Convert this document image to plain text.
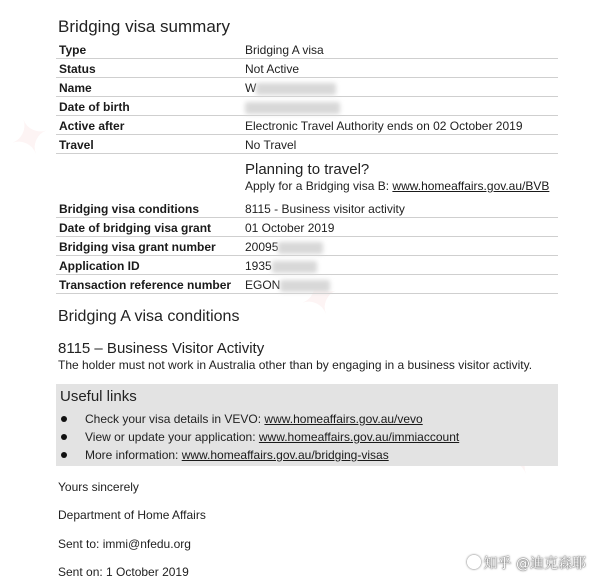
✦
✦
Bridging visa summary
Type	Bridging A visa
Status	Not Active
Name	W
Date of birth	
Active after	Electronic Travel Authority ends on 02 October 2019
Travel	No Travel
Planning to travel?
Apply for a Bridging visa B: www.homeaffairs.gov.au/BVB
Bridging visa conditions	8115 - Business visitor activity
Date of bridging visa grant	01 October 2019
Bridging visa grant number	20095
Application ID	1935
Transaction reference number	EGON
Bridging A visa conditions
8115 – Business Visitor Activity

The holder must not work in Australia other than by engaging in a business visitor activity.

Useful links
Check your visa details in VEVO: www.homeaffairs.gov.au/vevo
View or update your application: www.homeaffairs.gov.au/immiaccount
More information: www.homeaffairs.gov.au/bridging-visas

Yours sincerely

Department of Home Affairs

Sent to: immi@nfedu.org

Sent on: 1 October 2019	知乎 @迪克森耶
